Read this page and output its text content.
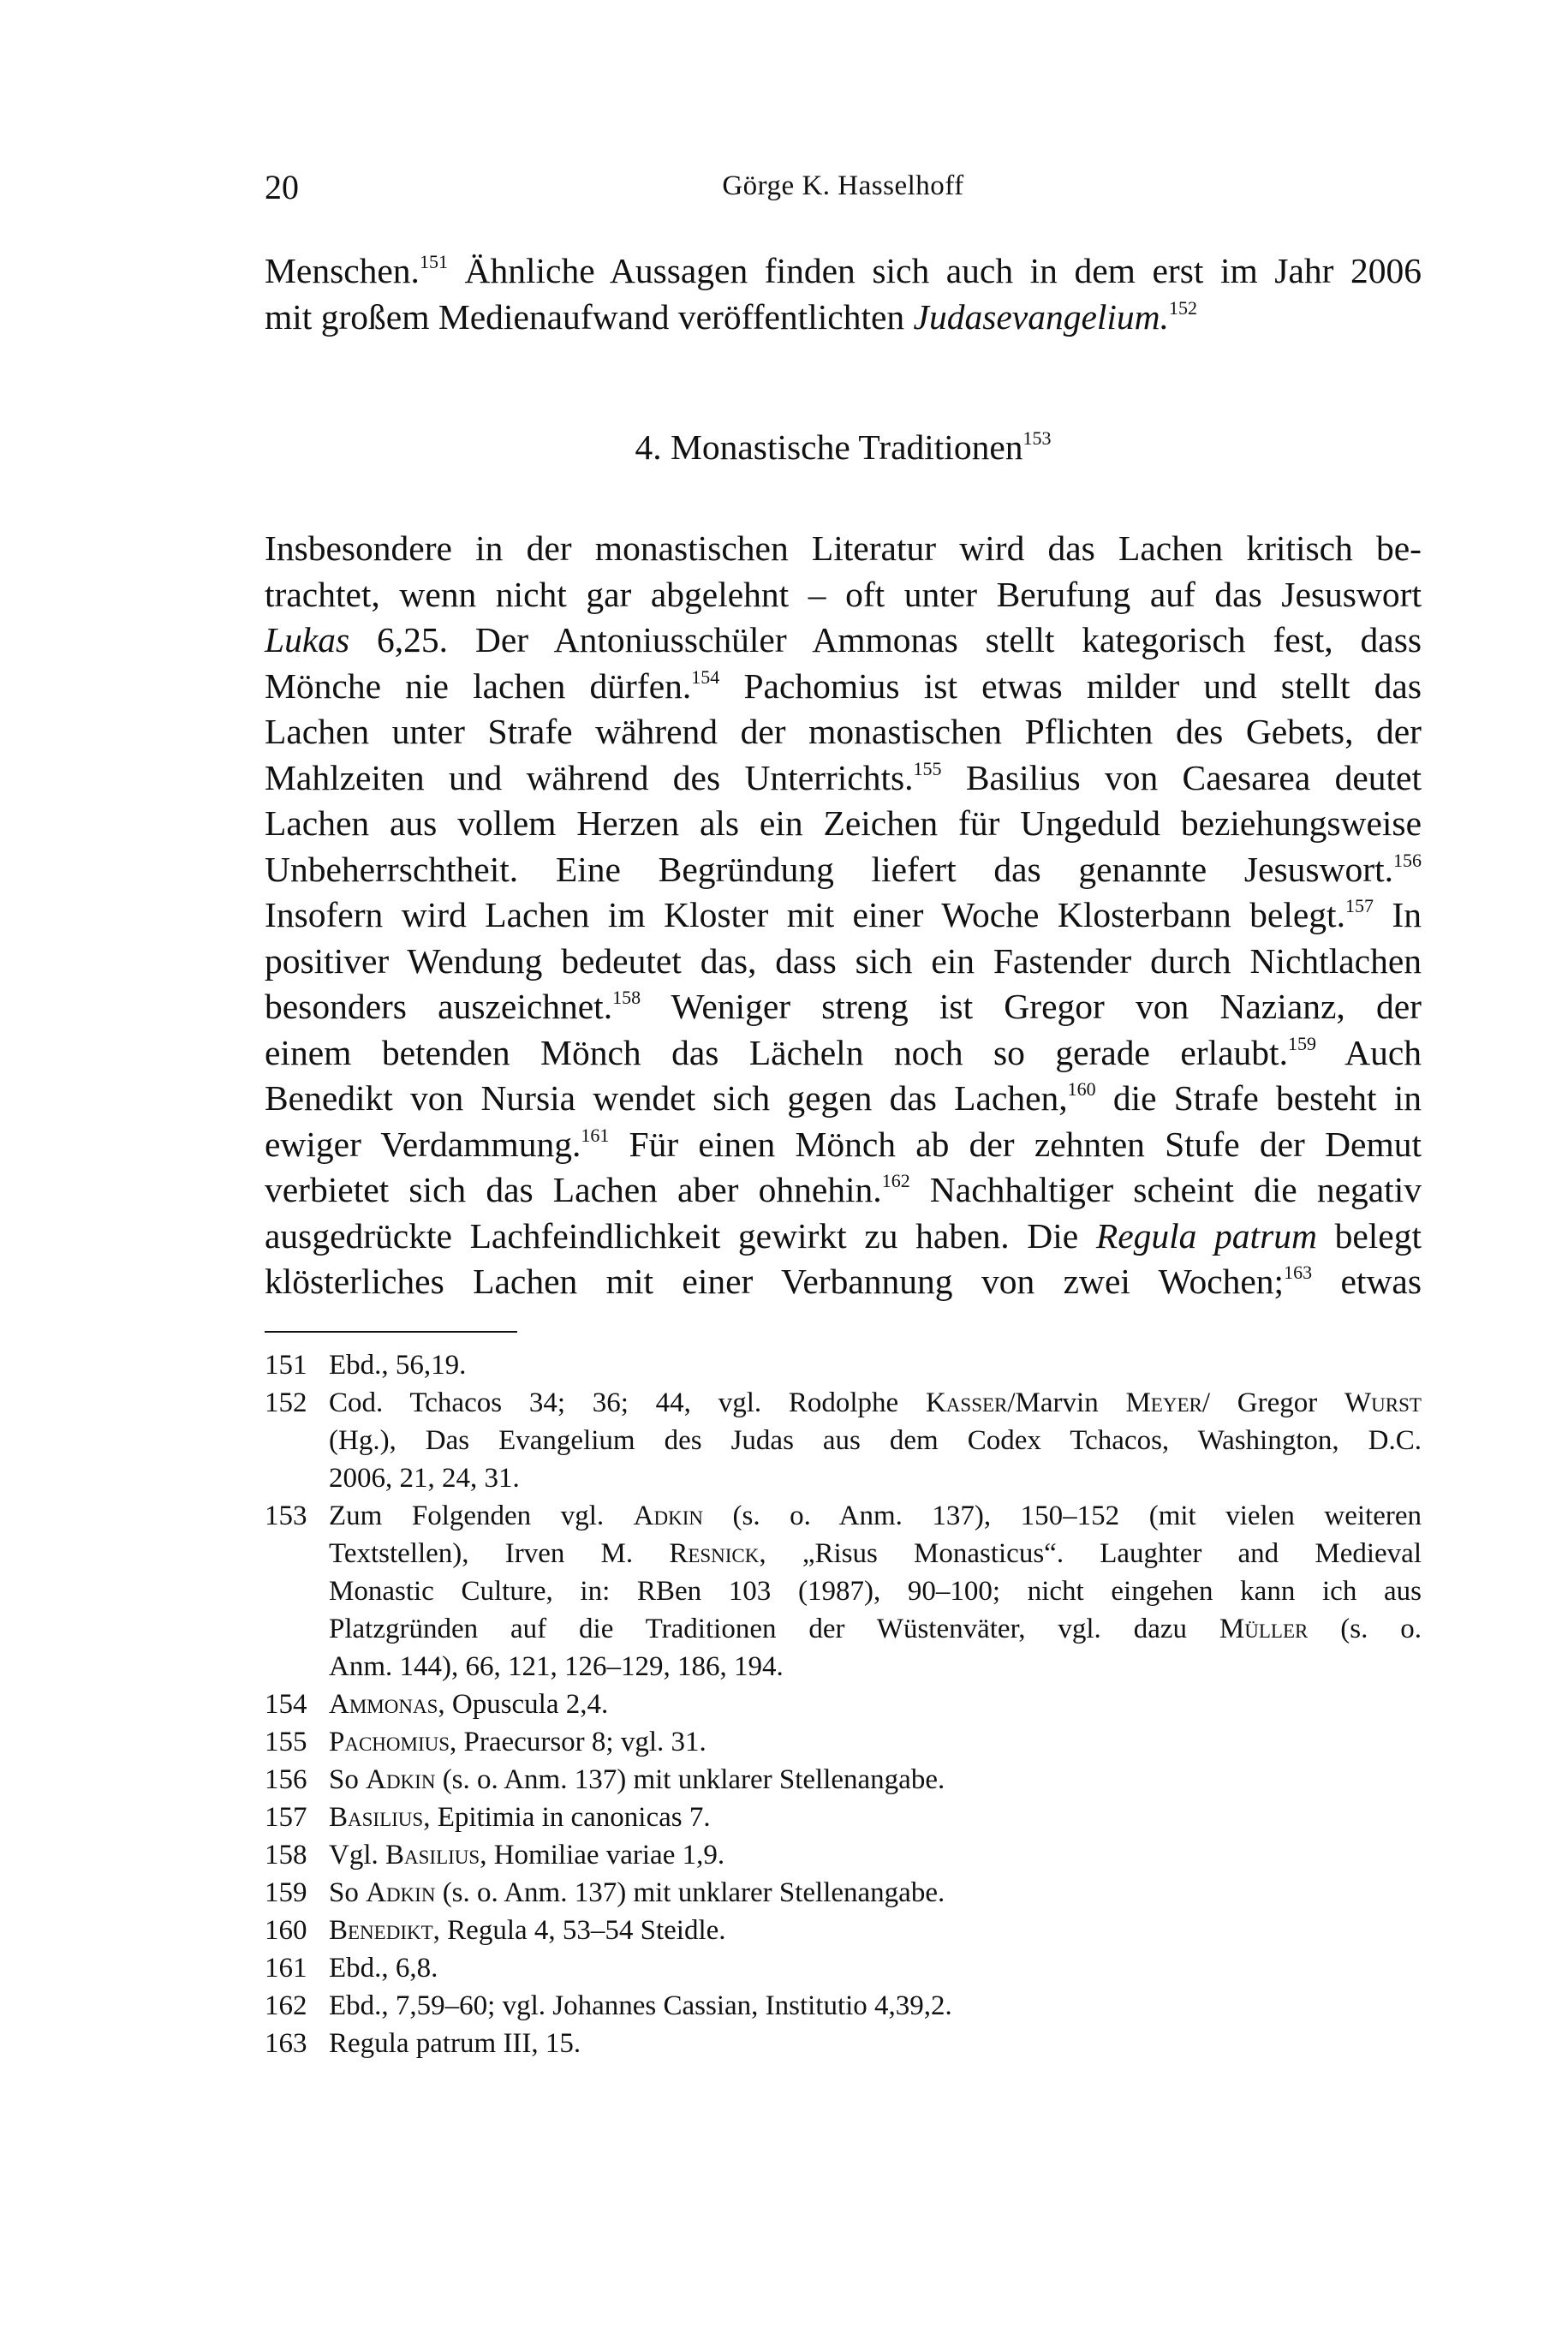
20	Görge K. Hasselhoff
Menschen.$^{151}$ Ähnliche Aussagen finden sich auch in dem erst im Jahr 2006
mit großem Medienaufwand veröffentlichten Judasevangelium.$^{152}$
4. Monastische Traditionen$^{153}$
Insbesondere in der monastischen Literatur wird das Lachen kritisch be-
trachtet, wenn nicht gar abgelehnt – oft unter Berufung auf das Jesuswort
Lukas 6,25. Der Antoniusschüler Ammonas stellt kategorisch fest, dass
Mönche nie lachen dürfen.$^{154}$ Pachomius ist etwas milder und stellt das
Lachen unter Strafe während der monastischen Pflichten des Gebets, der
Mahlzeiten und während des Unterrichts.$^{155}$ Basilius von Caesarea deutet
Lachen aus vollem Herzen als ein Zeichen für Ungeduld beziehungsweise
Unbeherrschtheit. Eine Begründung liefert das genannte Jesuswort.$^{156}$
Insofern wird Lachen im Kloster mit einer Woche Klosterbann belegt.$^{157}$ In
positiver Wendung bedeutet das, dass sich ein Fastender durch Nichtlachen
besonders auszeichnet.$^{158}$ Weniger streng ist Gregor von Nazianz, der
einem betenden Mönch das Lächeln noch so gerade erlaubt.$^{159}$ Auch
Benedikt von Nursia wendet sich gegen das Lachen,$^{160}$ die Strafe besteht in
ewiger Verdammung.$^{161}$ Für einen Mönch ab der zehnten Stufe der Demut
verbietet sich das Lachen aber ohnehin.$^{162}$ Nachhaltiger scheint die negativ
ausgedrückte Lachfeindlichkeit gewirkt zu haben. Die Regula patrum belegt
klösterliches Lachen mit einer Verbannung von zwei Wochen;$^{163}$ etwas
151 Ebd., 56,19.
152 Cod. Tchacos 34; 36; 44, vgl. Rodolphe Kasser/Marvin Meyer/ Gregor Wurst
(Hg.), Das Evangelium des Judas aus dem Codex Tchacos, Washington, D.C.
2006, 21, 24, 31.
153 Zum Folgenden vgl. Adkin (s. o. Anm. 137), 150–152 (mit vielen weiteren
Textstellen), Irven M. Resnick, „Risus Monasticus“. Laughter and Medieval
Monastic Culture, in: RBen 103 (1987), 90–100; nicht eingehen kann ich aus
Platzgründen auf die Traditionen der Wüstenväter, vgl. dazu Müller (s. o.
Anm. 144), 66, 121, 126–129, 186, 194.
154 Ammonas, Opuscula 2,4.
155 Pachomius, Praecursor 8; vgl. 31.
156 So Adkin (s. o. Anm. 137) mit unklarer Stellenangabe.
157 Basilius, Epitimia in canonicas 7.
158 Vgl. Basilius, Homiliae variae 1,9.
159 So Adkin (s. o. Anm. 137) mit unklarer Stellenangabe.
160 Benedikt, Regula 4, 53–54 Steidle.
161 Ebd., 6,8.
162 Ebd., 7,59–60; vgl. Johannes Cassian, Institutio 4,39,2.
163 Regula patrum III, 15.
